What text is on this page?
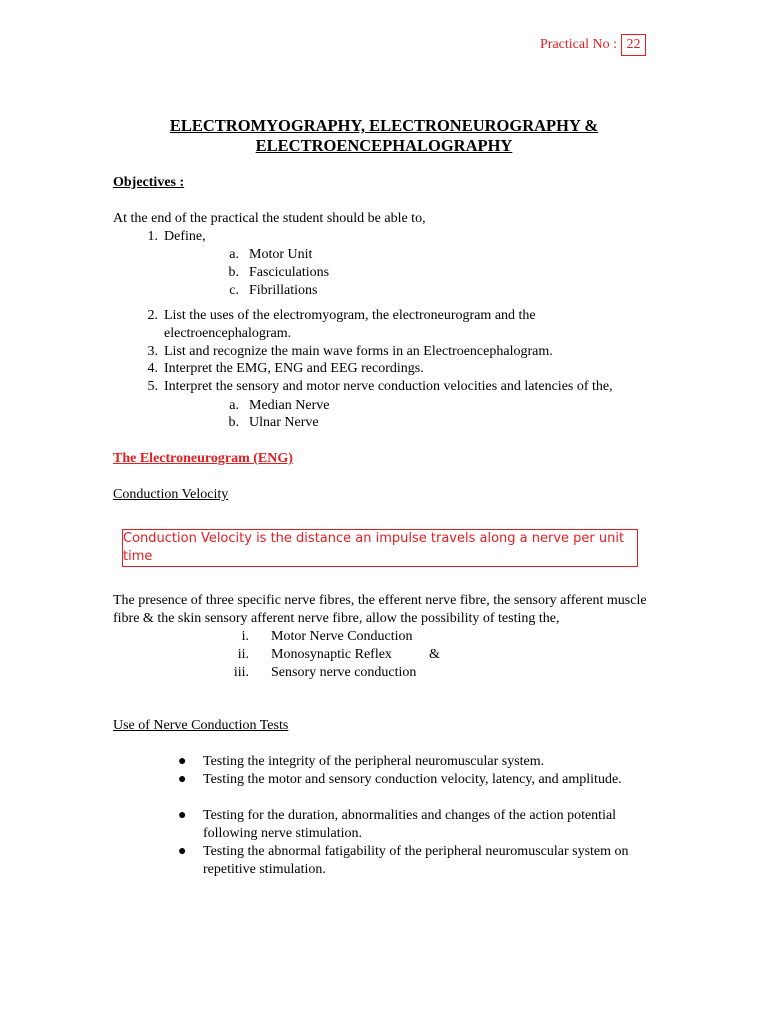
Practical No : 22
ELECTROMYOGRAPHY, ELECTRONEUROGRAPHY &
ELECTROENCEPHALOGRAPHY
Objectives :
At the end of the practical the student should be able to,
1. Define,
a. Motor Unit
b. Fasciculations
c. Fibrillations
2. List the uses of the electromyogram, the electroneurogram and the electroencephalogram.
3. List and recognize the main wave forms in an Electroencephalogram.
4. Interpret the EMG, ENG and EEG recordings.
5. Interpret the sensory and motor nerve conduction velocities and latencies of the,
a. Median Nerve
b. Ulnar Nerve
The Electroneurogram (ENG)
Conduction Velocity
Conduction Velocity is the distance an impulse travels along a nerve per unit time
The presence of three specific nerve fibres, the efferent nerve fibre, the sensory afferent muscle fibre & the skin sensory afferent nerve fibre, allow the possibility of testing the,
i. Motor Nerve Conduction
ii. Monosynaptic Reflex	&
iii. Sensory nerve conduction
Use of Nerve Conduction Tests
●	Testing the integrity of the peripheral neuromuscular system.
●	Testing the motor and sensory conduction velocity, latency, and amplitude.
●	Testing for the duration, abnormalities and changes of the action potential following nerve stimulation.
●	Testing the abnormal fatigability of the peripheral neuromuscular system on repetitive stimulation.
